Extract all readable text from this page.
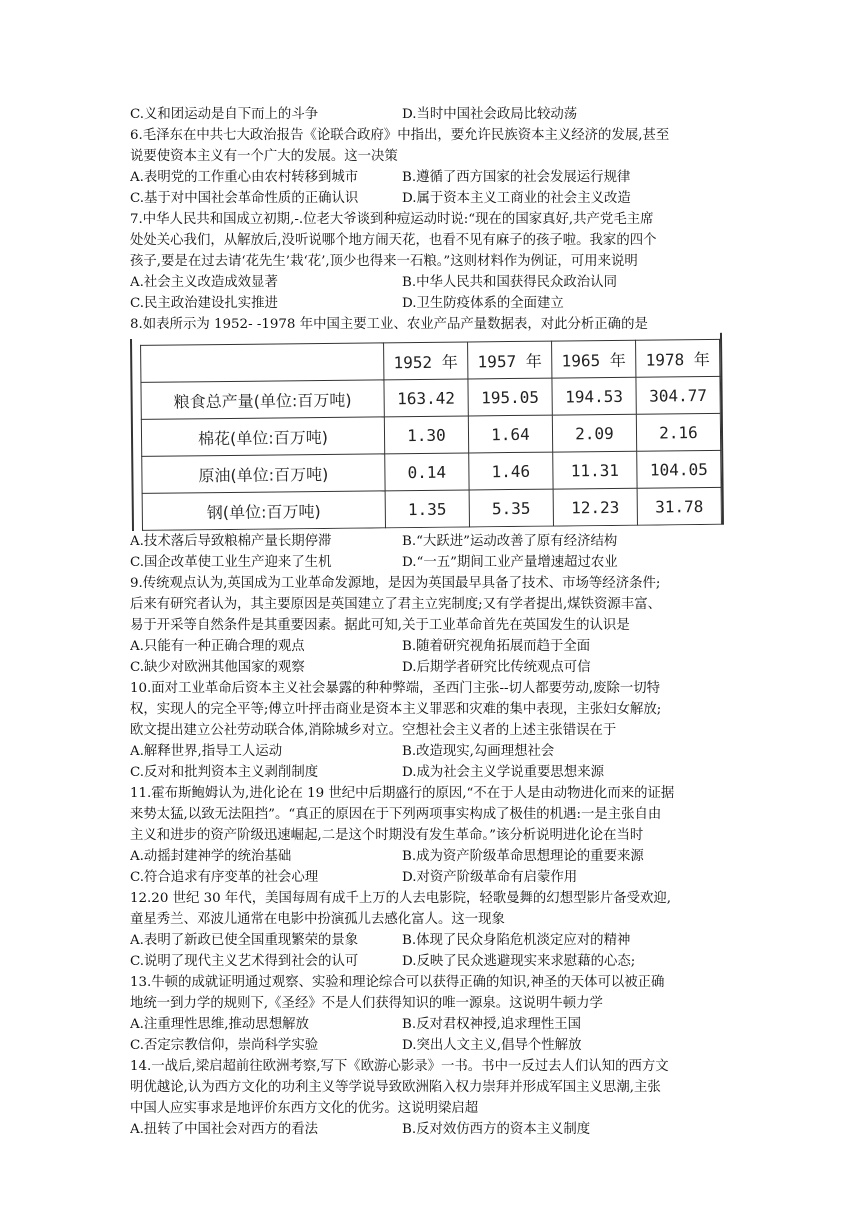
C.义和团运动是自下而上的斗争	D.当时中国社会政局比较动荡
6.毛泽东在中共七大政治报告《论联合政府》中指出，要允许民族资本主义经济的发展,甚至
说要使资本主义有一个广大的发展。这一决策
A.表明党的工作重心由农村转移到城市	B.遵循了西方国家的社会发展运行规律
C.基于对中国社会革命性质的正确认识	D.属于资本主义工商业的社会主义改造
7.中华人民共和国成立初期,-.位老大爷谈到种痘运动时说:“现在的国家真好,共产党毛主席
处处关心我们，从解放后,没听说哪个地方闹天花，也看不见有麻子的孩子啦。我家的四个
孩子,要是在过去请‘花先生’栽‘花’,顶少也得来一石粮。”这则材料作为例证，可用来说明
A.社会主义改造成效显著	B.中华人民共和国获得民众政治认同
C.民主政治建设扎实推进	D.卫生防疫体系的全面建立
8.如表所示为 1952- -1978 年中国主要工业、农业产品产量数据表，对此分析正确的是
	1952 年	1957 年	1965 年	1978 年
粮食总产量(单位:百万吨)	163.42	195.05	194.53	304.77
棉花(单位:百万吨)	1.30	1.64	2.09	2.16
原油(单位:百万吨)	0.14	1.46	11.31	104.05
钢(单位:百万吨)	1.35	5.35	12.23	31.78
A.技术落后导致粮棉产量长期停滞	B.“大跃进”运动改善了原有经济结构
C.国企改革使工业生产迎来了生机	D.“一五”期间工业产量增速超过农业
9.传统观点认为,英国成为工业革命发源地，是因为英国最早具备了技术、市场等经济条件;
后来有研究者认为，其主要原因是英国建立了君主立宪制度;又有学者提出,煤铁资源丰富、
易于开采等自然条件是其重要因素。据此可知,关于工业革命首先在英国发生的认识是
A.只能有一种正确合理的观点	B.随着研究视角拓展而趋于全面
C.缺少对欧洲其他国家的观察	D.后期学者研究比传统观点可信
10.面对工业革命后资本主义社会暴露的种种弊端，圣西门主张--切人都要劳动,废除一切特
权，实现人的完全平等;傅立叶抨击商业是资本主义罪恶和灾难的集中表现，主张妇女解放;
欧文提出建立公社劳动联合体,消除城乡对立。空想社会主义者的上述主张错误在于
A.解释世界,指导工人运动	B.改造现实,勾画理想社会
C.反对和批判资本主义剥削制度	D.成为社会主义学说重要思想来源
11.霍布斯鲍姆认为,进化论在 19 世纪中后期盛行的原因,“不在于人是由动物进化而来的证据
来势太猛,以致无法阻挡”。“真正的原因在于下列两项事实构成了极佳的机遇:一是主张自由
主义和进步的资产阶级迅速崛起,二是这个时期没有发生革命。”该分析说明进化论在当时
A.动摇封建神学的统治基础	B.成为资产阶级革命思想理论的重要来源
C.符合追求有序变革的社会心理	D.对资产阶级革命有启蒙作用
12.20 世纪 30 年代，美国每周有成千上万的人去电影院，轻歌曼舞的幻想型影片备受欢迎,
童星秀兰、邓波儿通常在电影中扮演孤儿去感化富人。这一现象
A.表明了新政已使全国重现繁荣的景象	B.体现了民众身陷危机淡定应对的精神
C.说明了现代主义艺术得到社会的认可	D.反映了民众逃避现实来求慰藉的心态;
13.牛顿的成就证明通过观察、实验和理论综合可以获得正确的知识,神圣的天体可以被正确
地统一到力学的规则下,《圣经》不是人们获得知识的唯一源泉。这说明牛顿力学
A.注重理性思维,推动思想解放	B.反对君权神授,追求理性王国
C.否定宗教信仰，崇尚科学实验	D.突出人文主义,倡导个性解放
14.一战后,梁启超前往欧洲考察,写下《欧游心影录》一书。书中一反过去人们认知的西方文
明优越论,认为西方文化的功利主义等学说导致欧洲陷入权力崇拜并形成军国主义思潮,主张
中国人应实事求是地评价东西方文化的优劣。这说明梁启超
A.扭转了中国社会对西方的看法	B.反对效仿西方的资本主义制度
